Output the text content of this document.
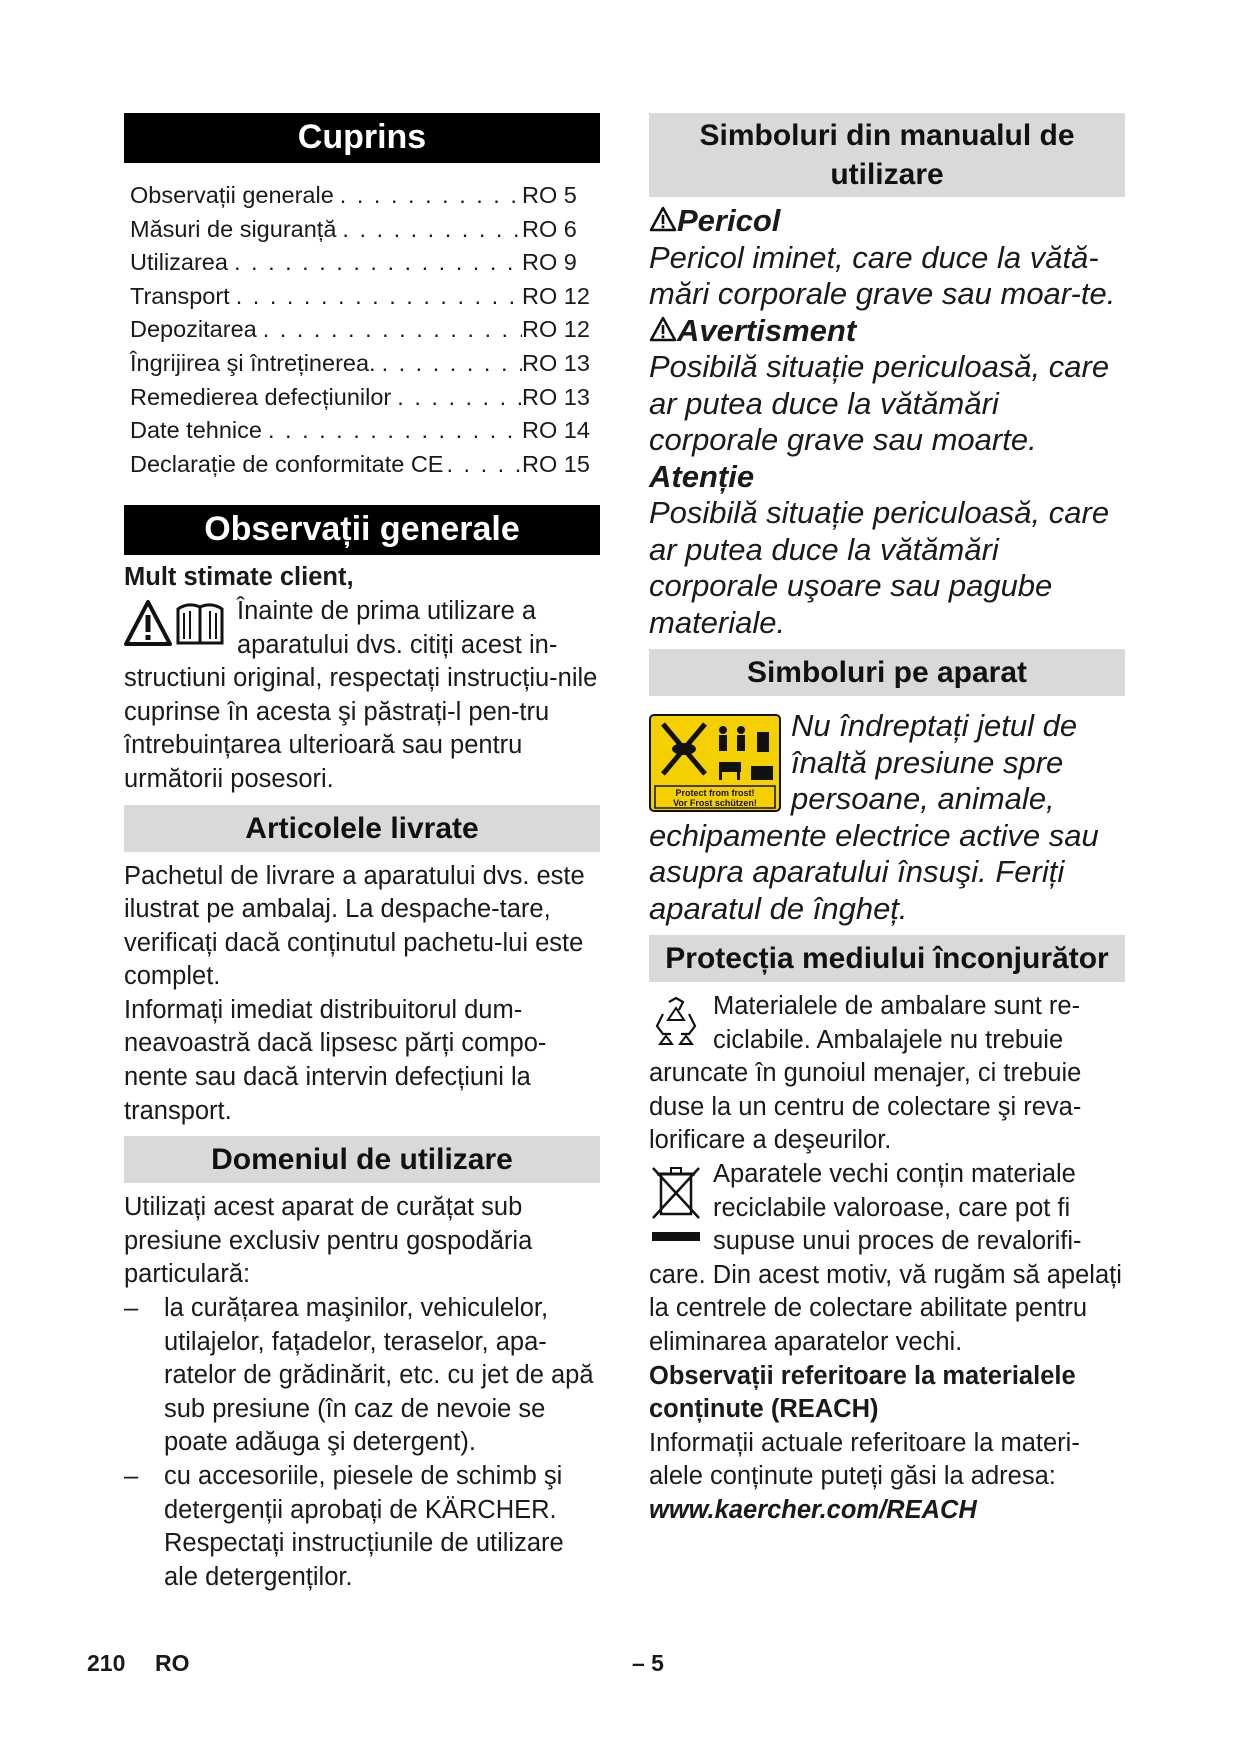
Cuprins
Observații generale . . .	RO 5
Măsuri de siguranță . . .	RO 6
Utilizarea . . .	RO 9
Transport . . .	RO 12
Depozitarea . . .	RO 12
Îngrijirea şi întreținerea. . . .	RO 13
Remedierea defecțiunilor . . .	RO 13
Date tehnice . . .	RO 14
Declarație de conformitate CE . . .	RO 15
Observații generale

Mult stimate client,

Înainte de prima utilizare a aparatului dvs. citiți acest in-structiuni original, respectați instrucțiu-nile cuprinse în acesta şi păstrați-l pen-tru întrebuințarea ulterioară sau pentru următorii posesori.

Articolele livrate

Pachetul de livrare a aparatului dvs. este ilustrat pe ambalaj. La despache-tare, verificați dacă conținutul pachetu-lui este complet.

Informați imediat distribuitorul dum-neavoastră dacă lipsesc părți compo-nente sau dacă intervin defecțiuni la transport.

Domeniul de utilizare

Utilizați acest aparat de curățat sub presiune exclusiv pentru gospodăria particulară:

–	la curățarea maşinilor, vehiculelor, utilajelor, fațadelor, teraselor, apa-ratelor de grădinărit, etc. cu jet de apă sub presiune (în caz de nevoie se poate adăuga şi detergent).
–	cu accesoriile, piesele de schimb şi detergenții aprobați de KÄRCHER. Respectați instrucțiunile de utilizare ale detergenților.
Simboluri din manualul de utilizare

Pericol

Pericol iminet, care duce la vătă-mări corporale grave sau moar-te.

Avertisment

Posibilă situație periculoasă, care ar putea duce la vătămări corporale grave sau moarte.

Atenție

Posibilă situație periculoasă, care ar putea duce la vătămări corporale uşoare sau pagube materiale.

Simboluri pe aparat
Protect from frost!
Vor Frost schützen!

Nu îndreptați jetul de înaltă presiune spre persoane, animale, echipamente electrice active sau asupra aparatului însuşi. Feriți aparatul de îngheț.

Protecția mediului înconjurător

Materialele de ambalare sunt re-ciclabile. Ambalajele nu trebuie aruncate în gunoiul menajer, ci trebuie duse la un centru de colectare şi reva-lorificare a deşeurilor.

Aparatele vechi conțin materiale reciclabile valoroase, care pot fi supuse unui proces de revalorifi-care. Din acest motiv, vă rugăm să apelați la centrele de colectare abilitate pentru eliminarea aparatelor vechi.

Observații referitoare la materialele conținute (REACH)

Informații actuale referitoare la materi-alele conținute puteți găsi la adresa:

www.kaercher.com/REACH

210 RO	– 5
